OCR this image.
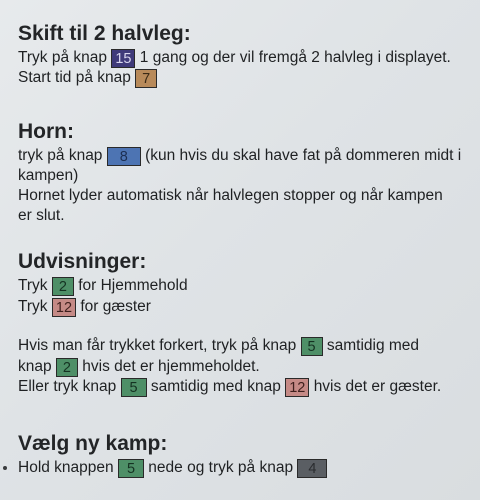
Skift til 2 halvleg:
Tryk på knap 15 1 gang og der vil fremgå 2 halvleg i displayet.
Start tid på knap 7
Horn:
tryk på knap 8 (kun hvis du skal have fat på dommeren midt i
kampen)
Hornet lyder automatisk når halvlegen stopper og når kampen
er slut.
Udvisninger:
Tryk 2 for Hjemmehold
Tryk 12 for gæster
Hvis man får trykket forkert, tryk på knap 5 samtidig med
knap 2 hvis det er hjemmeholdet.
Eller tryk knap 5 samtidig med knap 12 hvis det er gæster.
Vælg ny kamp:
Hold knappen 5 nede og tryk på knap 4
